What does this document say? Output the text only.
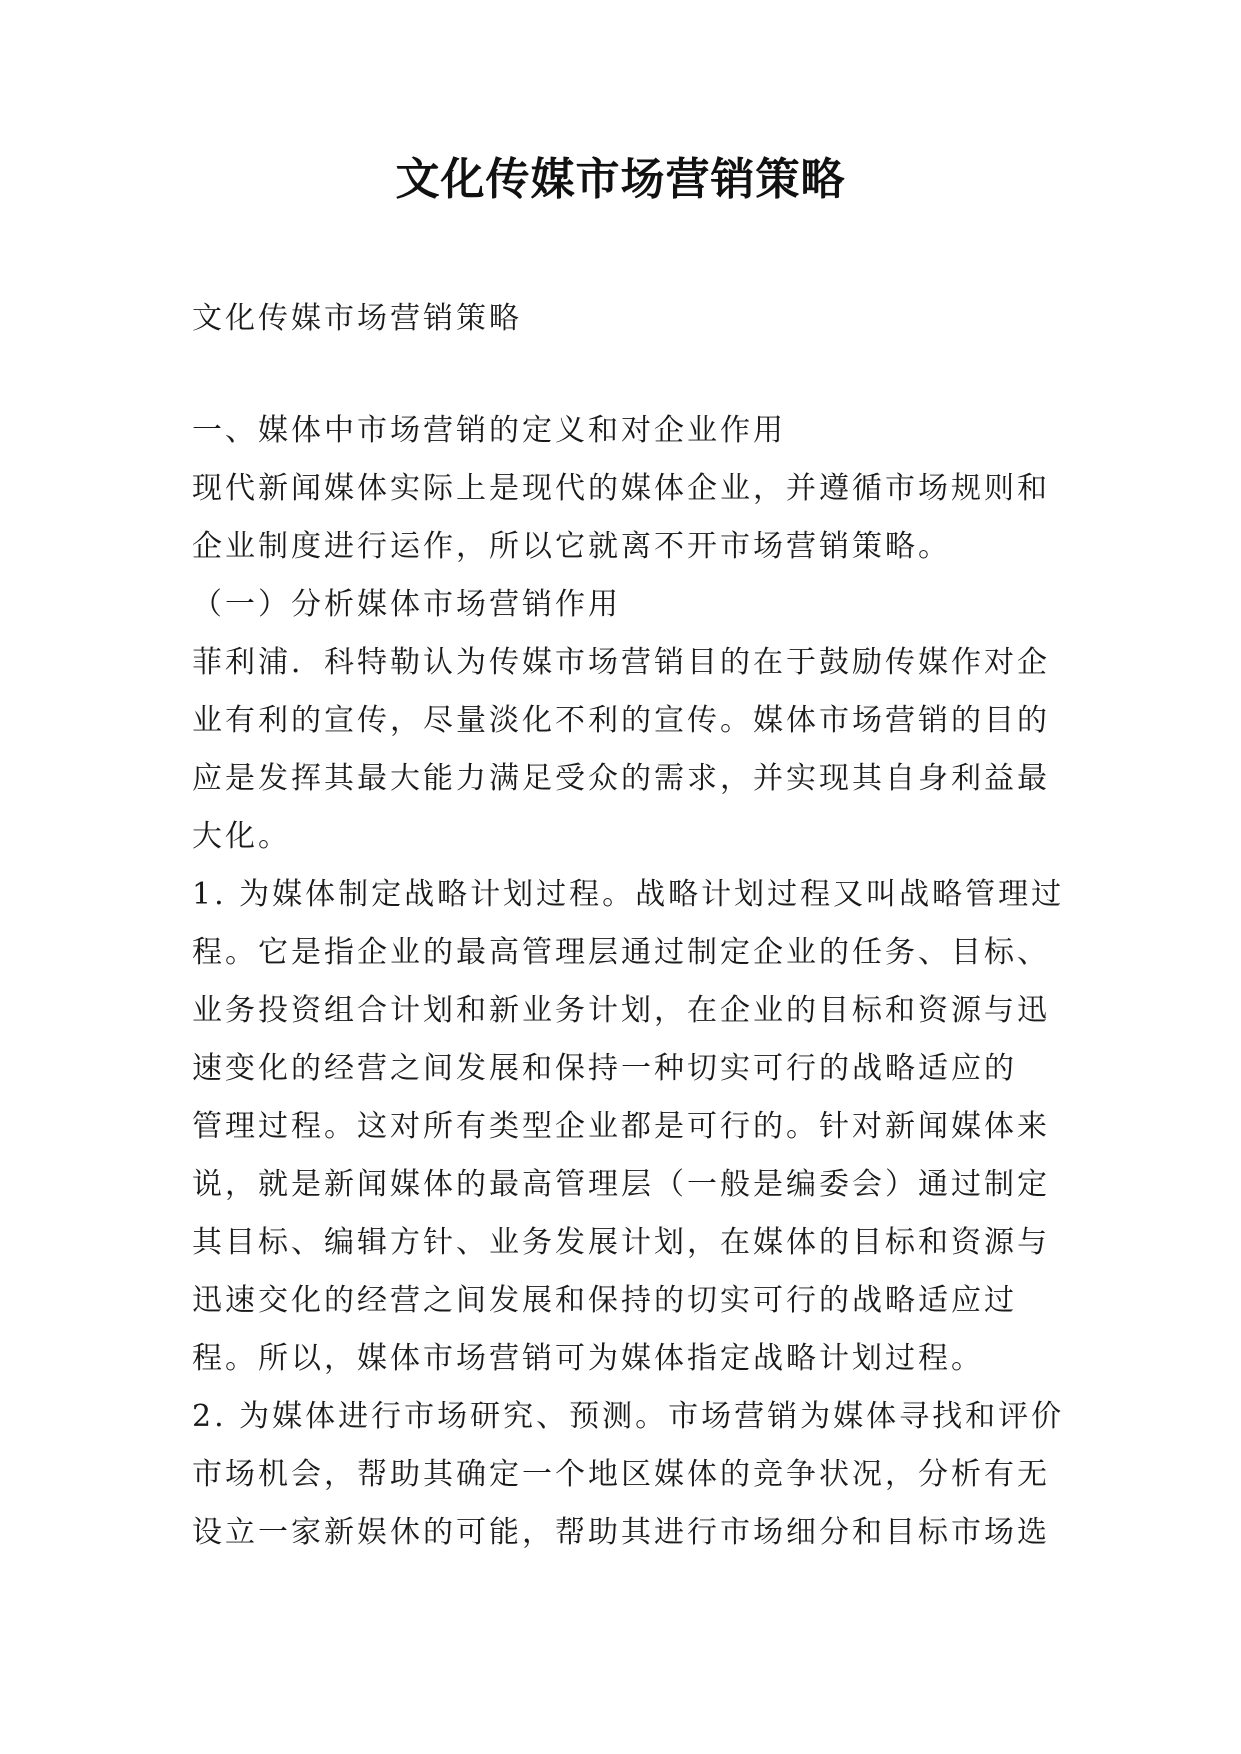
文化传媒市场营销策略
文化传媒市场营销策略
一、媒体中市场营销的定义和对企业作用
现代新闻媒体实际上是现代的媒体企业，并遵循市场规则和
企业制度进行运作，所以它就离不开市场营销策略。
（一）分析媒体市场营销作用
菲利浦．科特勒认为传媒市场营销目的在于鼓励传媒作对企
业有利的宣传，尽量淡化不利的宣传。媒体市场营销的目的
应是发挥其最大能力满足受众的需求，并实现其自身利益最
大化。
1. 为媒体制定战略计划过程。战略计划过程又叫战略管理过
程。它是指企业的最高管理层通过制定企业的任务、目标、
业务投资组合计划和新业务计划，在企业的目标和资源与迅
速变化的经营之间发展和保持一种切实可行的战略适应的
管理过程。这对所有类型企业都是可行的。针对新闻媒体来
说，就是新闻媒体的最高管理层（一般是编委会）通过制定
其目标、编辑方针、业务发展计划，在媒体的目标和资源与
迅速交化的经营之间发展和保持的切实可行的战略适应过
程。所以，媒体市场营销可为媒体指定战略计划过程。
2. 为媒体进行市场研究、预测。市场营销为媒体寻找和评价
市场机会，帮助其确定一个地区媒体的竞争状况，分析有无
设立一家新娱休的可能，帮助其进行市场细分和目标市场选
